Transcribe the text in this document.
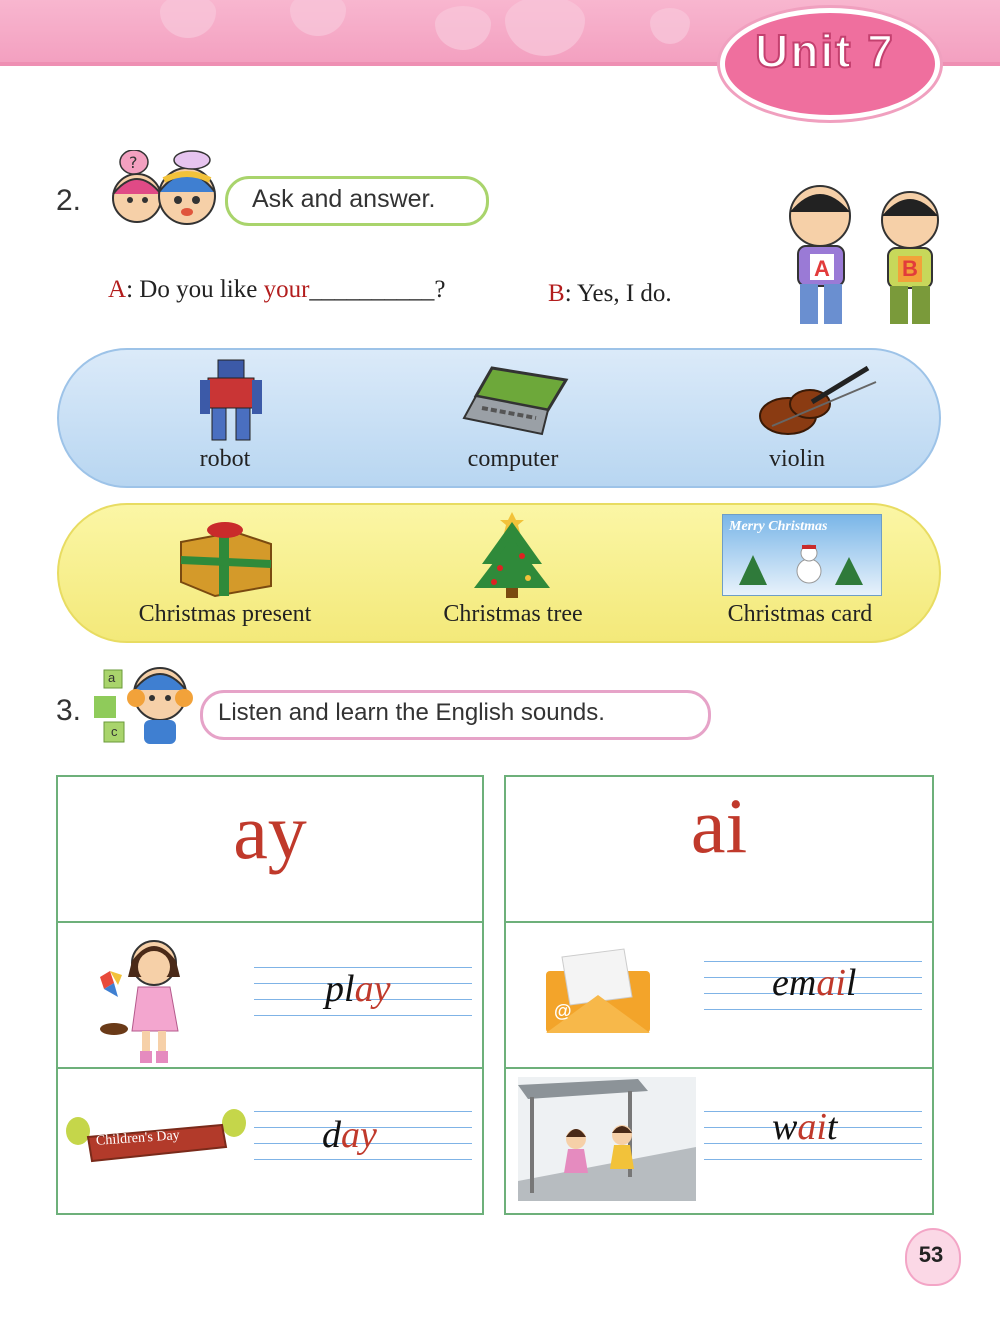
Unit 7
2.
?
Ask and answer.
A: Do you like your__________?	B: Yes, I do.
A	B
robot	computer	violin
Christmas present	Christmas tree
Merry Christmas
Christmas card
3.
a
c
Listen and learn the English sounds.
ay
play
Children's Day	day
ai
@
email
wait
53
